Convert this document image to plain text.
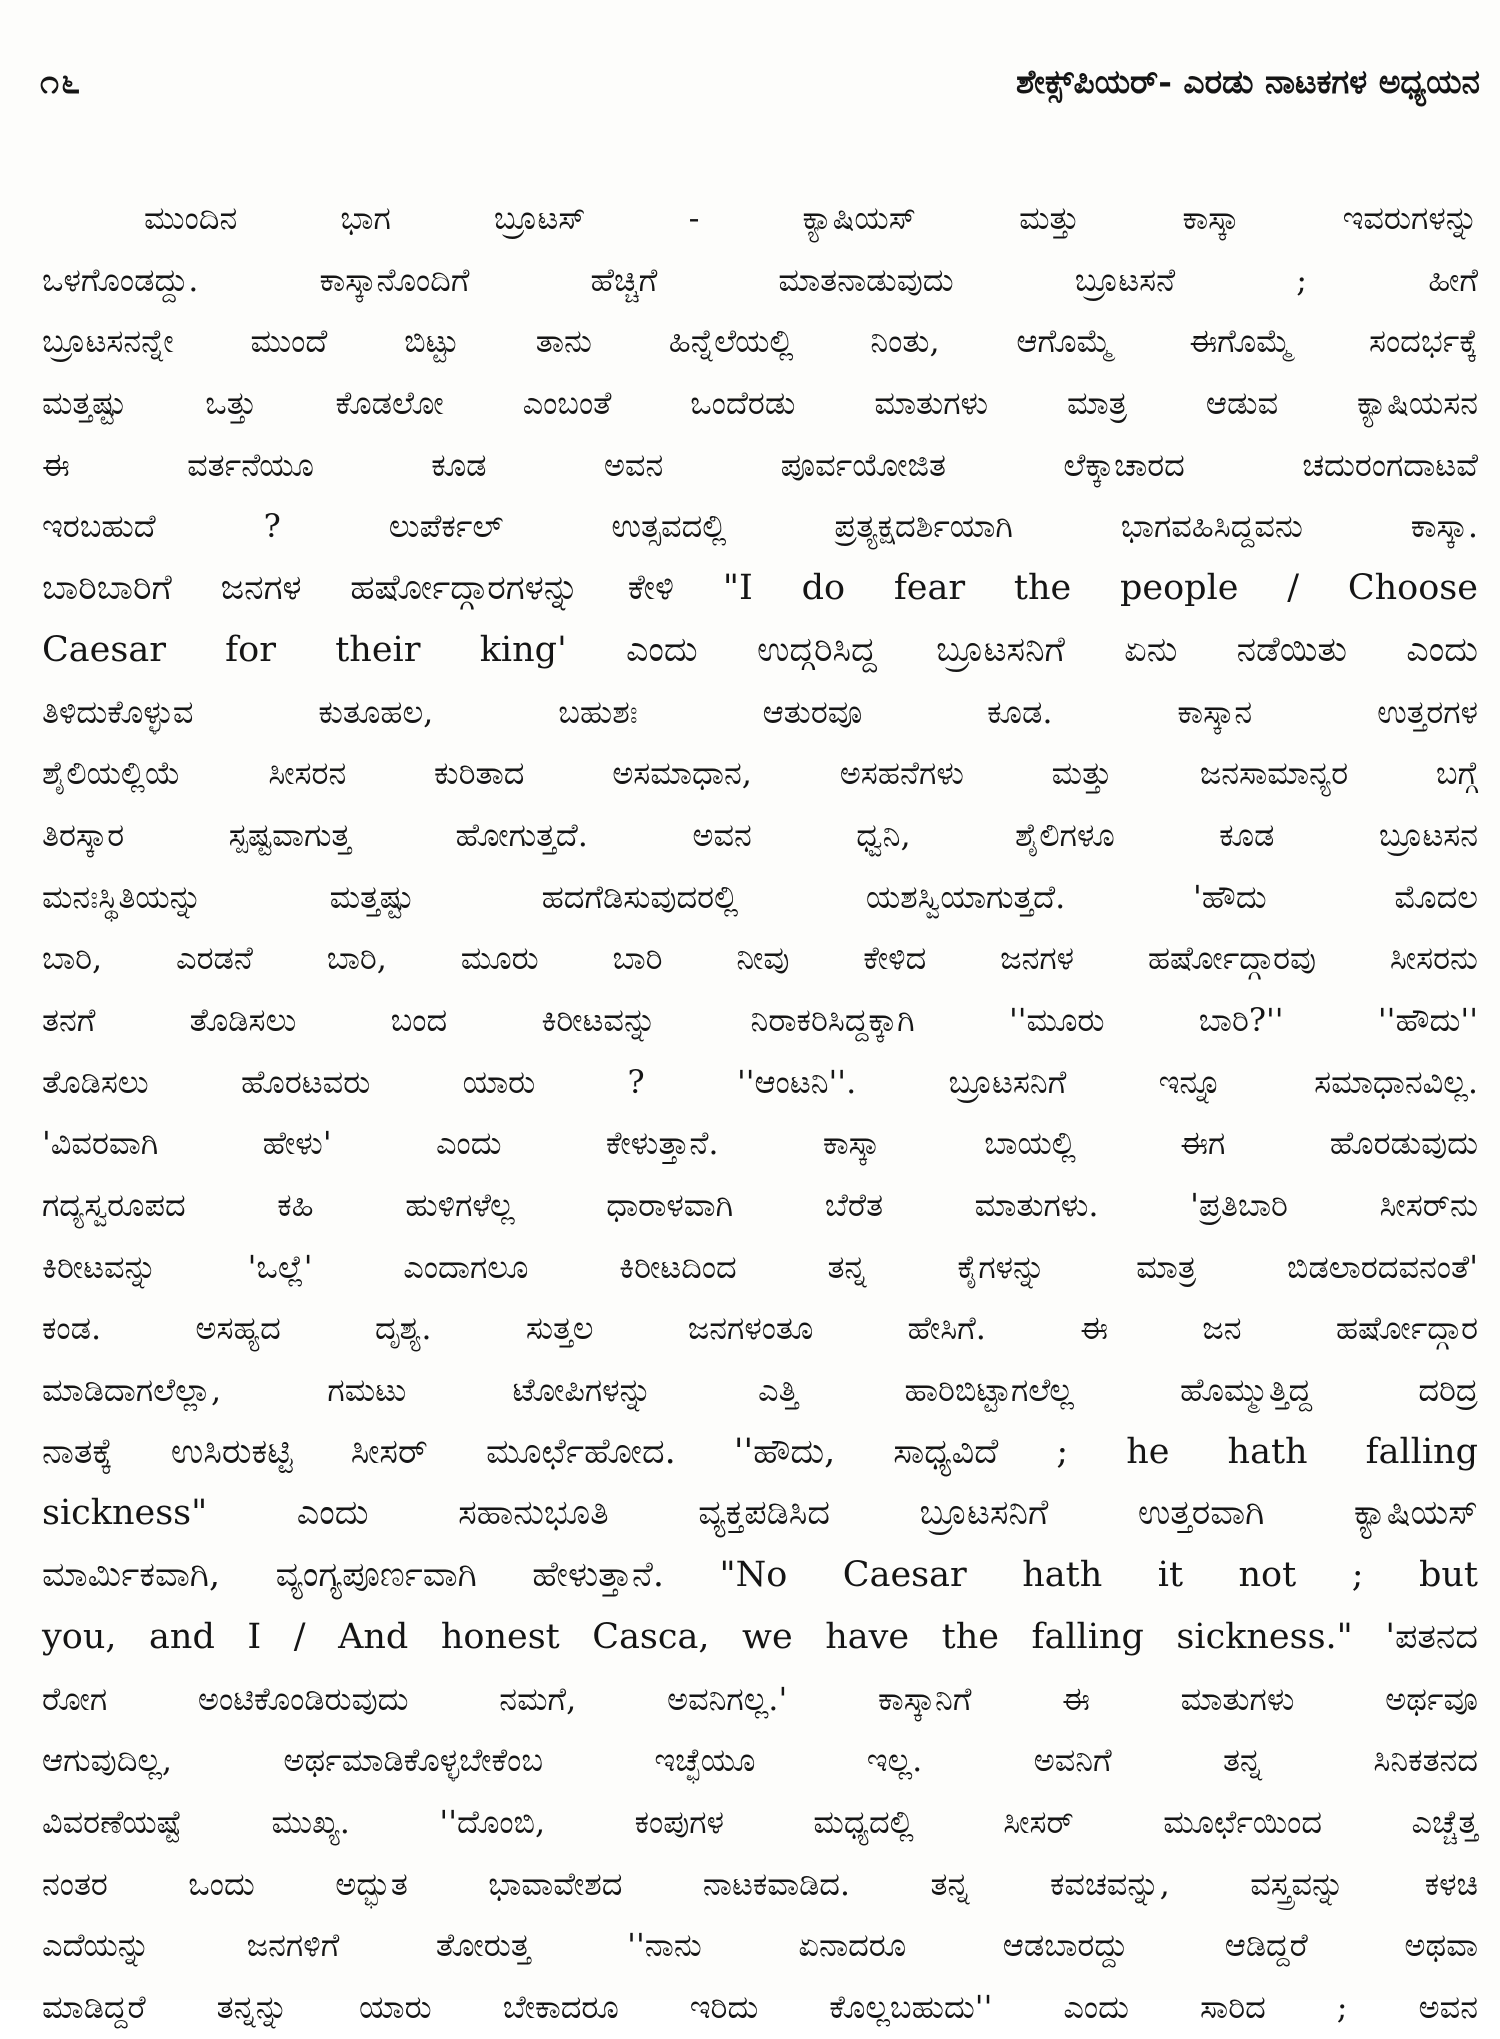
೧೬	ಶೇಕ್ಸ್‌ಪಿಯರ್- ಎರಡು ನಾಟಕಗಳ ಅಧ್ಯಯನ
ಮುಂದಿನ ಭಾಗ ಬ್ರೂಟಸ್ - ಕ್ಯಾಷಿಯಸ್ ಮತ್ತು ಕಾಸ್ಕಾ ಇವರುಗಳನ್ನು
ಒಳಗೊಂಡದ್ದು. ಕಾಸ್ಕಾನೊಂದಿಗೆ ಹೆಚ್ಚಿಗೆ ಮಾತನಾಡುವುದು ಬ್ರೂಟಸನೆ ; ಹೀಗೆ
ಬ್ರೂಟಸನನ್ನೇ ಮುಂದೆ ಬಿಟ್ಟು ತಾನು ಹಿನ್ನೆಲೆಯಲ್ಲಿ ನಿಂತು, ಆಗೊಮ್ಮೆ ಈಗೊಮ್ಮೆ ಸಂದರ್ಭಕ್ಕೆ
ಮತ್ತಷ್ಟು ಒತ್ತು ಕೊಡಲೋ ಎಂಬಂತೆ ಒಂದೆರಡು ಮಾತುಗಳು ಮಾತ್ರ ಆಡುವ ಕ್ಯಾಷಿಯಸನ
ಈ ವರ್ತನೆಯೂ ಕೂಡ ಅವನ ಪೂರ್ವಯೋಜಿತ ಲೆಕ್ಕಾಚಾರದ ಚದುರಂಗದಾಟವೆ
ಇರಬಹುದೆ ? ಲುಪೆರ್ಕಲ್ ಉತ್ಸವದಲ್ಲಿ ಪ್ರತ್ಯಕ್ಷದರ್ಶಿಯಾಗಿ ಭಾಗವಹಿಸಿದ್ದವನು ಕಾಸ್ಕಾ.
ಬಾರಿಬಾರಿಗೆ ಜನಗಳ ಹರ್ಷೋದ್ಗಾರಗಳನ್ನು ಕೇಳಿ "I do fear the people / Choose
Caesar for their king' ಎಂದು ಉದ್ಗರಿಸಿದ್ದ ಬ್ರೂಟಸನಿಗೆ ಏನು ನಡೆಯಿತು ಎಂದು
ತಿಳಿದುಕೊಳ್ಳುವ ಕುತೂಹಲ, ಬಹುಶಃ ಆತುರವೂ ಕೂಡ. ಕಾಸ್ಕಾನ ಉತ್ತರಗಳ
ಶೈಲಿಯಲ್ಲಿಯೆ ಸೀಸರನ ಕುರಿತಾದ ಅಸಮಾಧಾನ, ಅಸಹನೆಗಳು ಮತ್ತು ಜನಸಾಮಾನ್ಯರ ಬಗ್ಗೆ
ತಿರಸ್ಕಾರ ಸ್ಪಷ್ಟವಾಗುತ್ತ ಹೋಗುತ್ತದೆ. ಅವನ ಧ್ವನಿ, ಶೈಲಿಗಳೂ ಕೂಡ ಬ್ರೂಟಸನ
ಮನಃಸ್ಥಿತಿಯನ್ನು ಮತ್ತಷ್ಟು ಹದಗೆಡಿಸುವುದರಲ್ಲಿ ಯಶಸ್ವಿಯಾಗುತ್ತದೆ. 'ಹೌದು ಮೊದಲ
ಬಾರಿ, ಎರಡನೆ ಬಾರಿ, ಮೂರು ಬಾರಿ ನೀವು ಕೇಳಿದ ಜನಗಳ ಹರ್ಷೋದ್ಗಾರವು ಸೀಸರನು
ತನಗೆ ತೊಡಿಸಲು ಬಂದ ಕಿರೀಟವನ್ನು ನಿರಾಕರಿಸಿದ್ದಕ್ಕಾಗಿ ''ಮೂರು ಬಾರಿ?'' ''ಹೌದು''
ತೊಡಿಸಲು ಹೊರಟವರು ಯಾರು ? ''ಆಂಟನಿ''. ಬ್ರೂಟಸನಿಗೆ ಇನ್ನೂ ಸಮಾಧಾನವಿಲ್ಲ.
'ವಿವರವಾಗಿ ಹೇಳು' ಎಂದು ಕೇಳುತ್ತಾನೆ. ಕಾಸ್ಕಾ ಬಾಯಲ್ಲಿ ಈಗ ಹೊರಡುವುದು
ಗದ್ಯಸ್ವರೂಪದ ಕಹಿ ಹುಳಿಗಳೆಲ್ಲ ಧಾರಾಳವಾಗಿ ಬೆರೆತ ಮಾತುಗಳು. 'ಪ್ರತಿಬಾರಿ ಸೀಸರ್‌ನು
ಕಿರೀಟವನ್ನು 'ಒಲ್ಲೆ' ಎಂದಾಗಲೂ ಕಿರೀಟದಿಂದ ತನ್ನ ಕೈಗಳನ್ನು ಮಾತ್ರ ಬಿಡಲಾರದವನಂತೆ'
ಕಂಡ. ಅಸಹ್ಯದ ದೃಶ್ಯ. ಸುತ್ತಲ ಜನಗಳಂತೂ ಹೇಸಿಗೆ. ಈ ಜನ ಹರ್ಷೋದ್ಗಾರ
ಮಾಡಿದಾಗಲೆಲ್ಲಾ, ಗಮಟು ಟೋಪಿಗಳನ್ನು ಎತ್ತಿ ಹಾರಿಬಿಟ್ಟಾಗಲೆಲ್ಲ ಹೊಮ್ಮುತ್ತಿದ್ದ ದರಿದ್ರ
ನಾತಕ್ಕೆ ಉಸಿರುಕಟ್ಟಿ ಸೀಸರ್ ಮೂರ್ಛೆಹೋದ. ''ಹೌದು, ಸಾಧ್ಯವಿದೆ ; he hath falling
sickness" ಎಂದು ಸಹಾನುಭೂತಿ ವ್ಯಕ್ತಪಡಿಸಿದ ಬ್ರೂಟಸನಿಗೆ ಉತ್ತರವಾಗಿ ಕ್ಯಾಷಿಯಸ್
ಮಾರ್ಮಿಕವಾಗಿ, ವ್ಯಂಗ್ಯಪೂರ್ಣವಾಗಿ ಹೇಳುತ್ತಾನೆ. "No Caesar hath it not ; but
you, and I / And honest Casca, we have the falling sickness." 'ಪತನದ
ರೋಗ ಅಂಟಿಕೊಂಡಿರುವುದು ನಮಗೆ, ಅವನಿಗಲ್ಲ.' ಕಾಸ್ಕಾನಿಗೆ ಈ ಮಾತುಗಳು ಅರ್ಥವೂ
ಆಗುವುದಿಲ್ಲ, ಅರ್ಥಮಾಡಿಕೊಳ್ಳಬೇಕೆಂಬ ಇಚ್ಛೆಯೂ ಇಲ್ಲ. ಅವನಿಗೆ ತನ್ನ ಸಿನಿಕತನದ
ವಿವರಣೆಯಷ್ಟೆ ಮುಖ್ಯ. ''ದೊಂಬಿ, ಕಂಪುಗಳ ಮಧ್ಯದಲ್ಲಿ ಸೀಸರ್ ಮೂರ್ಛೆಯಿಂದ ಎಚ್ಚೆತ್ತ
ನಂತರ ಒಂದು ಅದ್ಭುತ ಭಾವಾವೇಶದ ನಾಟಕವಾಡಿದ. ತನ್ನ ಕವಚವನ್ನು, ವಸ್ತ್ರವನ್ನು ಕಳಚಿ
ಎದೆಯನ್ನು ಜನಗಳಿಗೆ ತೋರುತ್ತ ''ನಾನು ಏನಾದರೂ ಆಡಬಾರದ್ದು ಆಡಿದ್ದರೆ ಅಥವಾ
ಮಾಡಿದ್ದರೆ ತನ್ನನ್ನು ಯಾರು ಬೇಕಾದರೂ ಇರಿದು ಕೊಲ್ಲಬಹುದು'' ಎಂದು ಸಾರಿದ ; ಅವನ
